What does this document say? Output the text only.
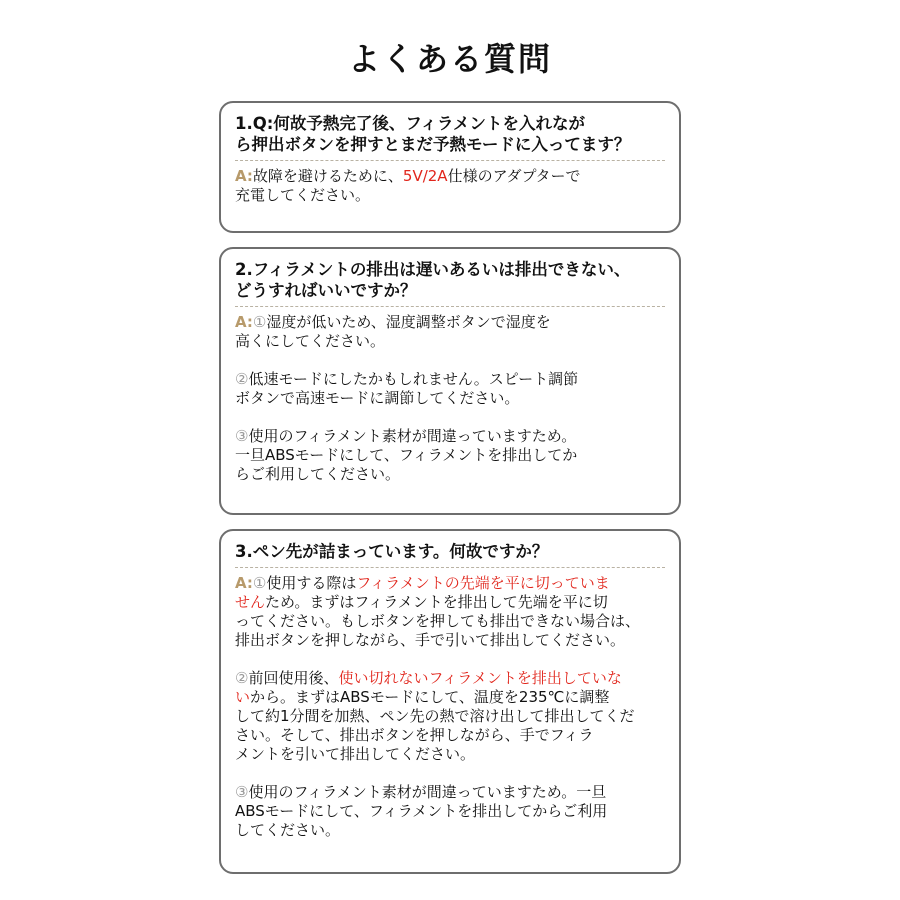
よくある質問
1.Q:何故予熱完了後、フィラメントを入れなが
ら押出ボタンを押すとまだ予熱モードに入ってます？
A:故障を避けるために、5V/2A仕様のアダプターで
充電してください。
2.フィラメントの排出は遅いあるいは排出できない、
どうすればいいですか？
A:①湿度が低いため、湿度調整ボタンで湿度を
高くにしてください。
②低速モードにしたかもしれません。スピート調節
ボタンで高速モードに調節してください。
③使用のフィラメント素材が間違っていますため。
一旦ABSモードにして、フィラメントを排出してか
らご利用してください。
3.ペン先が詰まっています。何故ですか？
A:①使用する際はフィラメントの先端を平に切っていま
せんため。まずはフィラメントを排出して先端を平に切
ってください。もしボタンを押しても排出できない場合は、
排出ボタンを押しながら、手で引いて排出してください。
②前回使用後、使い切れないフィラメントを排出していな
いから。まずはABSモードにして、温度を235℃に調整
して約1分間を加熱、ペン先の熱で溶け出して排出してくだ
さい。そして、排出ボタンを押しながら、手でフィラ
メントを引いて排出してください。
③使用のフィラメント素材が間違っていますため。一旦
ABSモードにして、フィラメントを排出してからご利用
してください。
